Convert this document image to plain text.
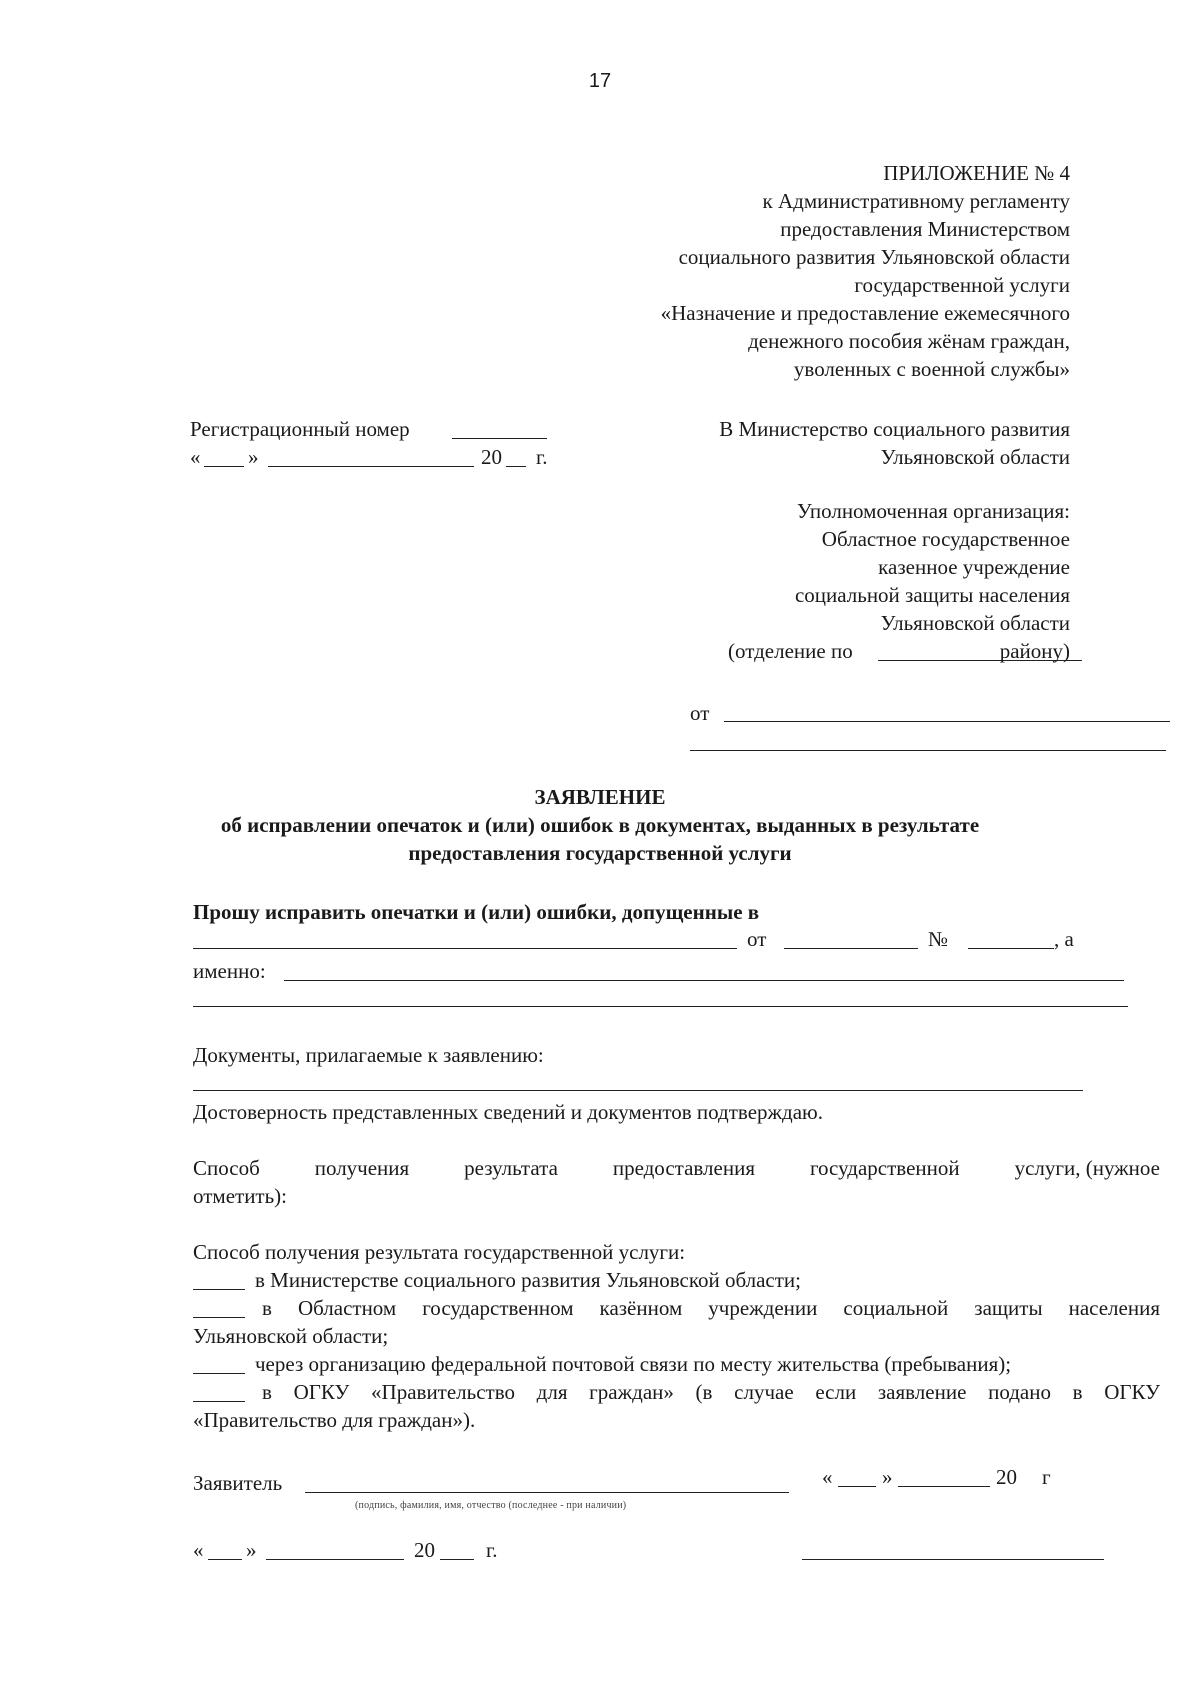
17
ПРИЛОЖЕНИЕ № 4
к Административному регламенту
предоставления Министерством
социального развития Ульяновской области
государственной услуги
«Назначение и предоставление ежемесячного
денежного пособия жёнам граждан,
уволенных с военной службы»
Регистрационный номер
« »	20 г.
В Министерство социального развития
Ульяновской области
Уполномоченная организация:
Областное государственное
казенное учреждение
социальной защиты населения
Ульяновской области
(отделение по	району)
от
ЗАЯВЛЕНИЕ
об исправлении опечаток и (или) ошибок в документах, выданных в результате
предоставления государственной услуги
Прошу исправить опечатки и (или) ошибки, допущенные в
от	№	, а
именно:
Документы, прилагаемые к заявлению:
Достоверность представленных сведений и документов подтверждаю.
Способ	получения	результата	предоставления	государственной	услуги, (нужное
отметить):
Способ получения результата государственной услуги:
в Министерстве социального развития Ульяновской области;
в Областном государственном казённом учреждении социальной защиты населения
Ульяновской области;
через организацию федеральной почтовой связи по месту жительства (пребывания);
в ОГКУ «Правительство для граждан» (в случае если заявление подано в ОГКУ
«Правительство для граждан»).
Заявитель	« »	20 г
(подпись, фамилия, имя, отчество (последнее - при наличии)
« »	20 г.
